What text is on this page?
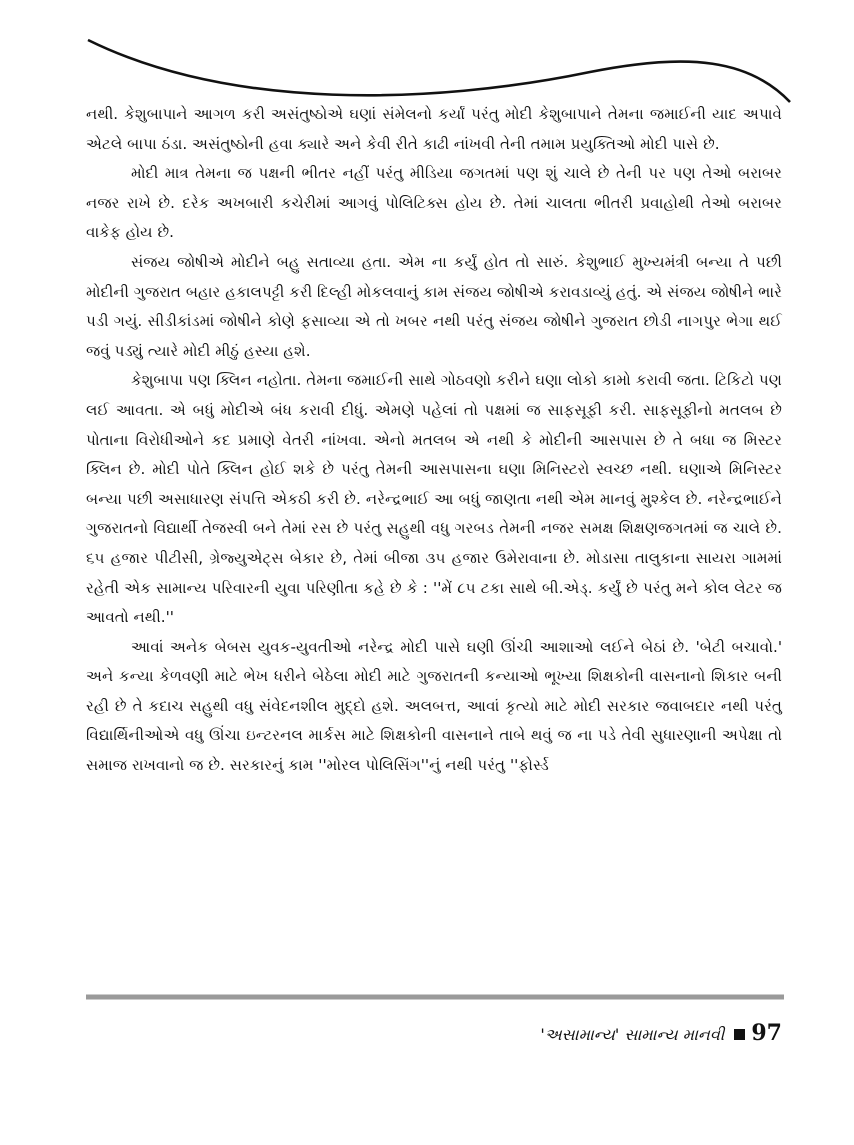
નથી. કેશુબાપાને આગળ કરી અસંતુષ્ઠોએ ઘણાં સંમેલનો કર્યાં પરંતુ મોદી કેશુબાપાને તેમના જમાઈની યાદ અપાવે એટલે બાપા ઠંડા. અસંતુષ્ઠોની હવા ક્યારે અને કેવી રીતે કાઢી નાંખવી તેની તમામ પ્રયુક્તિઓ મોદી પાસે છે.

મોદી માત્ર તેમના જ પક્ષની ભીતર નહીં પરંતુ મીડિયા જગતમાં પણ શું ચાલે છે તેની પર પણ તેઓ બરાબર નજર રાખે છે. દરેક અખબારી કચેરીમાં આગવું પોલિટિક્સ હોય છે. તેમાં ચાલતા ભીતરી પ્રવાહોથી તેઓ બરાબર વાકેફ હોય છે.

સંજય જોષીએ મોદીને બહુ સતાવ્યા હતા. એમ ના કર્યું હોત તો સારું. કેશુભાઈ મુખ્યમંત્રી બન્યા તે પછી મોદીની ગુજરાત બહાર હકાલપટ્ટી કરી દિલ્હી મોકલવાનું કામ સંજય જોષીએ કરાવડાવ્યું હતું. એ સંજય જોષીને ભારે પડી ગયું. સીડીકાંડમાં જોષીને કોણે ફસાવ્યા એ તો ખબર નથી પરંતુ સંજય જોષીને ગુજરાત છોડી નાગપુર ભેગા થઈ જવું પડ્યું ત્યારે મોદી મીઠું હસ્યા હશે.

કેશુબાપા પણ ક્લિન નહોતા. તેમના જમાઈની સાથે ગોઠવણો કરીને ઘણા લોકો કામો કરાવી જતા. ટિકિટો પણ લઈ આવતા. એ બધું મોદીએ બંધ કરાવી દીધું. એમણે પહેલાં તો પક્ષમાં જ સાફસૂફી કરી. સાફસૂફીનો મતલબ છે પોતાના વિરોધીઓને કદ પ્રમાણે વેતરી નાંખવા. એનો મતલબ એ નથી કે મોદીની આસપાસ છે તે બધા જ મિસ્ટર ક્લિન છે. મોદી પોતે ક્લિન હોઈ શકે છે પરંતુ તેમની આસપાસના ઘણા મિનિસ્ટરો સ્વચ્છ નથી. ઘણાએ મિનિસ્ટર બન્યા પછી અસાધારણ સંપત્તિ એકઠી કરી છે. નરેન્દ્રભાઈ આ બધું જાણતા નથી એમ માનવું મુશ્કેલ છે. નરેન્દ્રભાઈને ગુજરાતનો વિદ્યાર્થી તેજસ્વી બને તેમાં રસ છે પરંતુ સહુથી વધુ ગરબડ તેમની નજર સમક્ષ શિક્ષણજગતમાં જ ચાલે છે. ૬૫ હજાર પીટીસી, ગ્રેજ્યુએટ્સ બેકાર છે, તેમાં બીજા ૩૫ હજાર ઉમેરાવાના છે. મોડાસા તાલુકાના સાયરા ગામમાં રહેતી એક સામાન્ય પરિવારની યુવા પરિણીતા કહે છે કે : ''મેં ૮૫ ટકા સાથે બી.એડ્. કર્યું છે પરંતુ મને કોલ લેટર જ આવતો નથી.''

આવાં અનેક બેબસ યુવક-યુવતીઓ નરેન્દ્ર મોદી પાસે ઘણી ઊંચી આશાઓ લઈને બેઠાં છે. 'બેટી બચાવો.' અને કન્યા કેળવણી માટે ભેખ ધરીને બેઠેલા મોદી માટે ગુજરાતની કન્યાઓ ભૂખ્યા શિક્ષકોની વાસનાનો શિકાર બની રહી છે તે કદાચ સહુથી વધુ સંવેદનશીલ મુદ્દો હશે. અલબત્ત, આવાં કૃત્યો માટે મોદી સરકાર જવાબદાર નથી પરંતુ વિદ્યાર્થિનીઓએ વધુ ઊંચા ઇન્ટરનલ માર્કસ માટે શિક્ષકોની વાસનાને તાબે થવું જ ના પડે તેવી સુધારણાની અપેક્ષા તો સમાજ રાખવાનો જ છે. સરકારનું કામ ''મોરલ પોલિસિંગ''નું નથી પરંતુ ''ફોર્સ્ડ

'અસામાન્ય' સામાન્ય માનવી 97
